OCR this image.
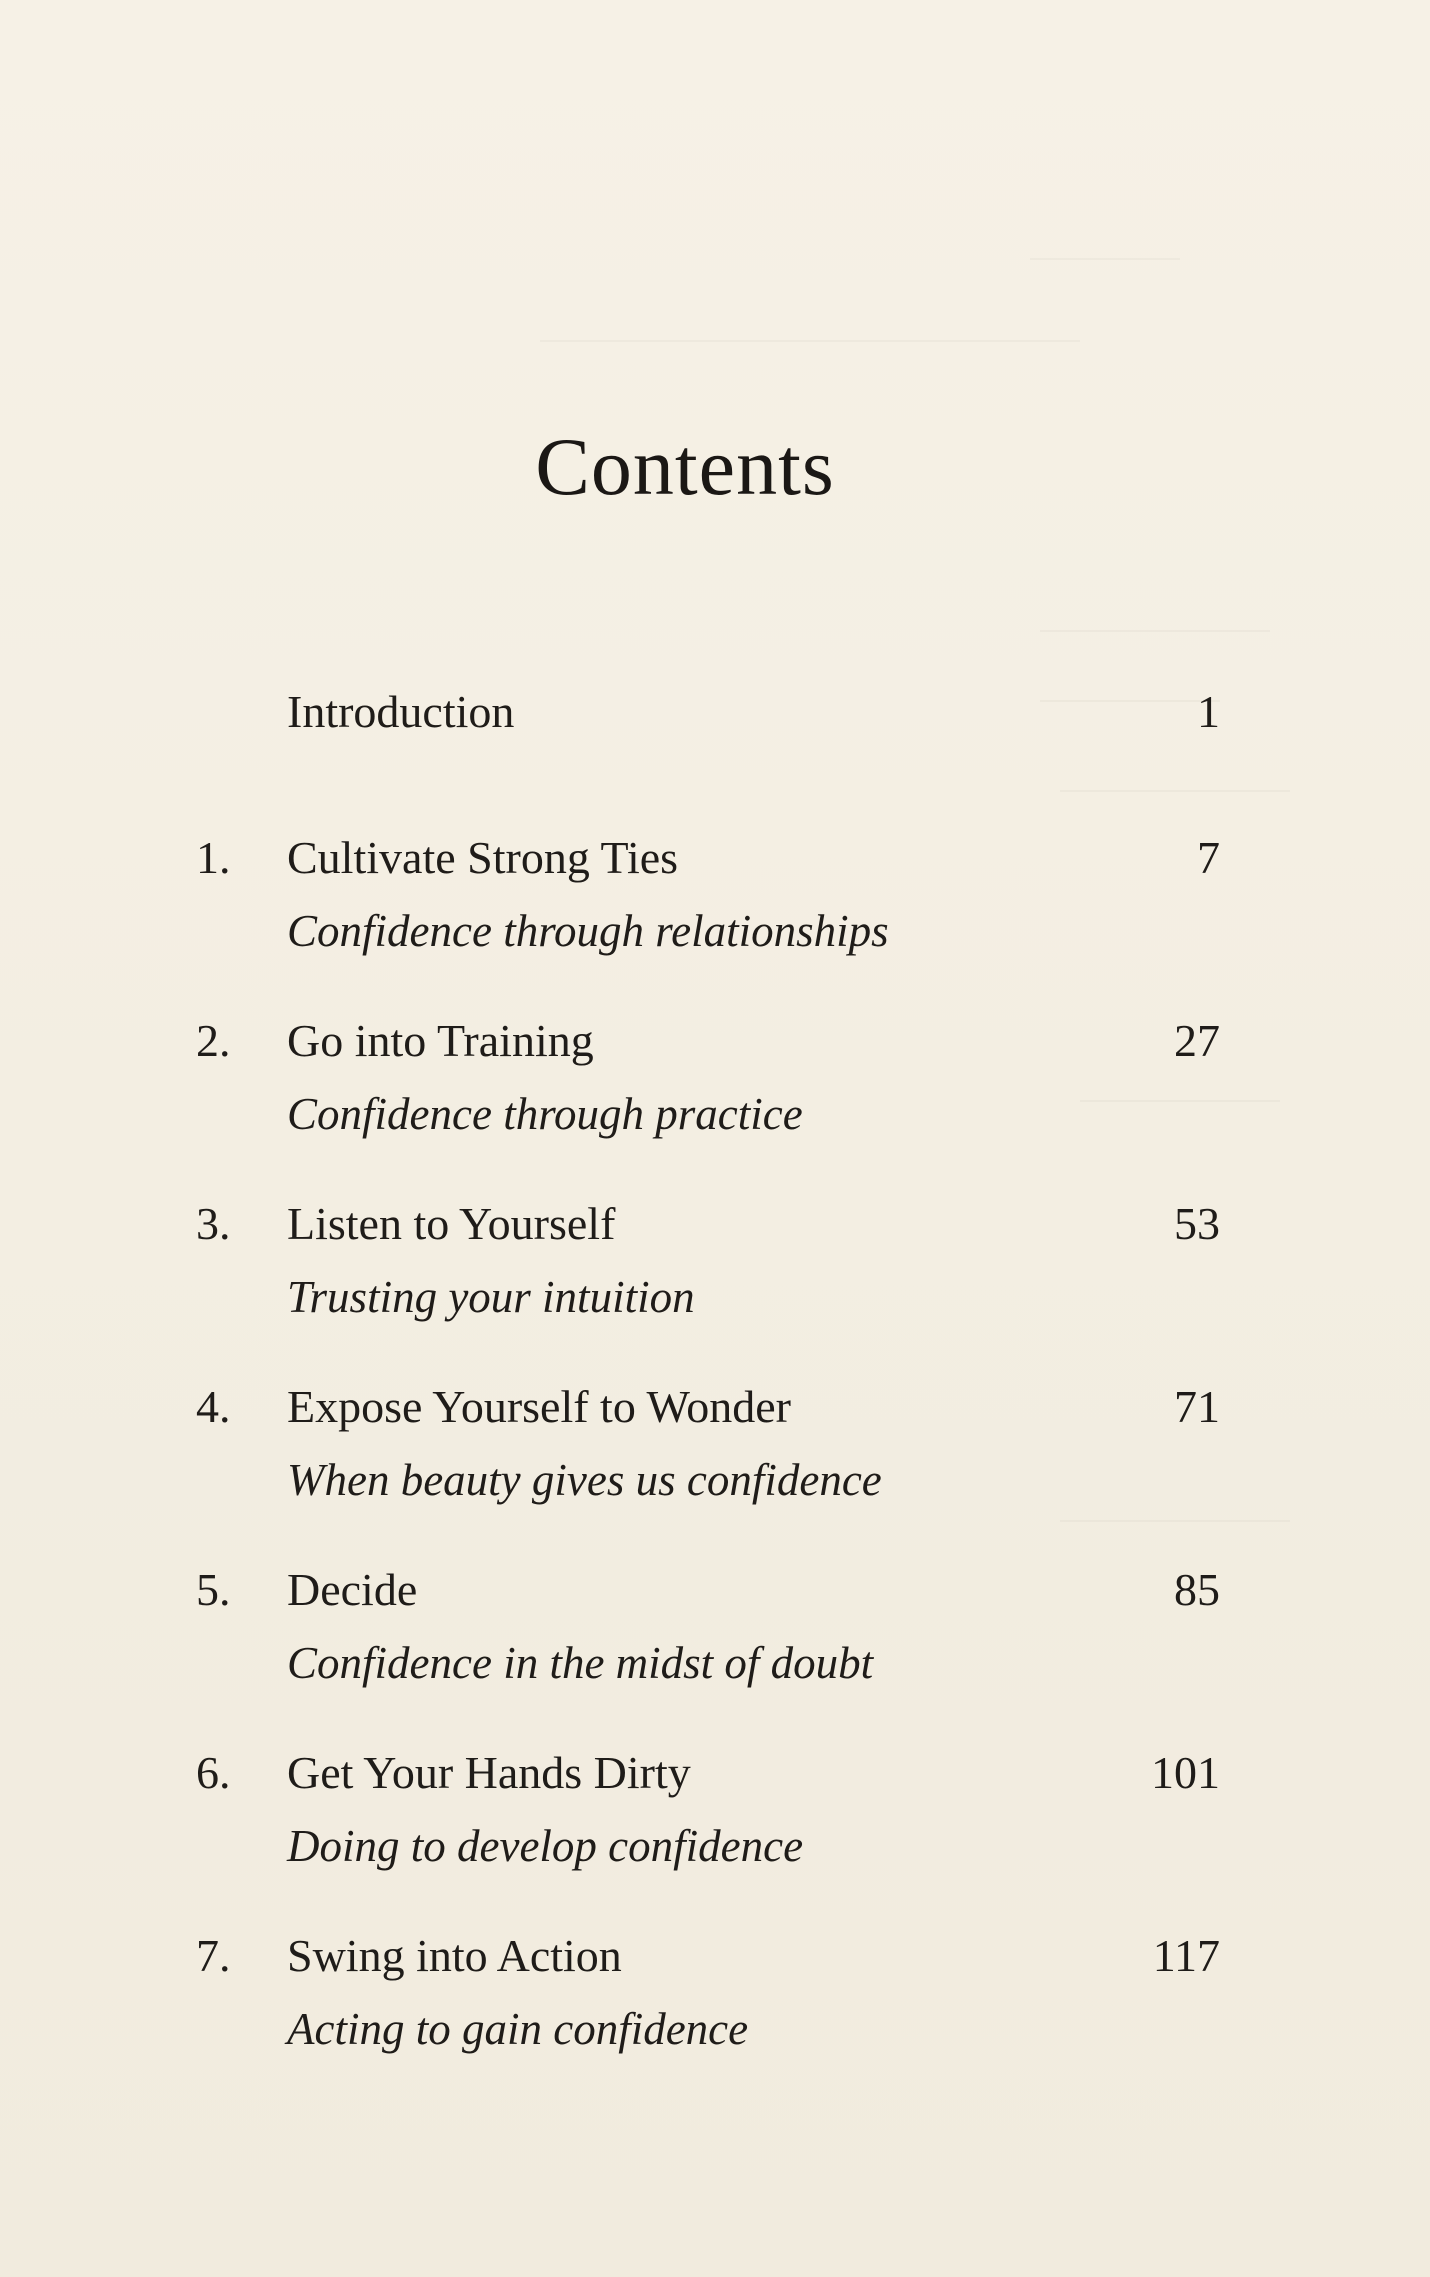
Contents
Introduction	1
1. Cultivate Strong Ties
Confidence through relationships
7
2. Go into Training
Confidence through practice
27
3. Listen to Yourself
Trusting your intuition
53
4. Expose Yourself to Wonder
When beauty gives us confidence
71
5. Decide
Confidence in the midst of doubt
85
6. Get Your Hands Dirty
Doing to develop confidence
101
7. Swing into Action
Acting to gain confidence
117
